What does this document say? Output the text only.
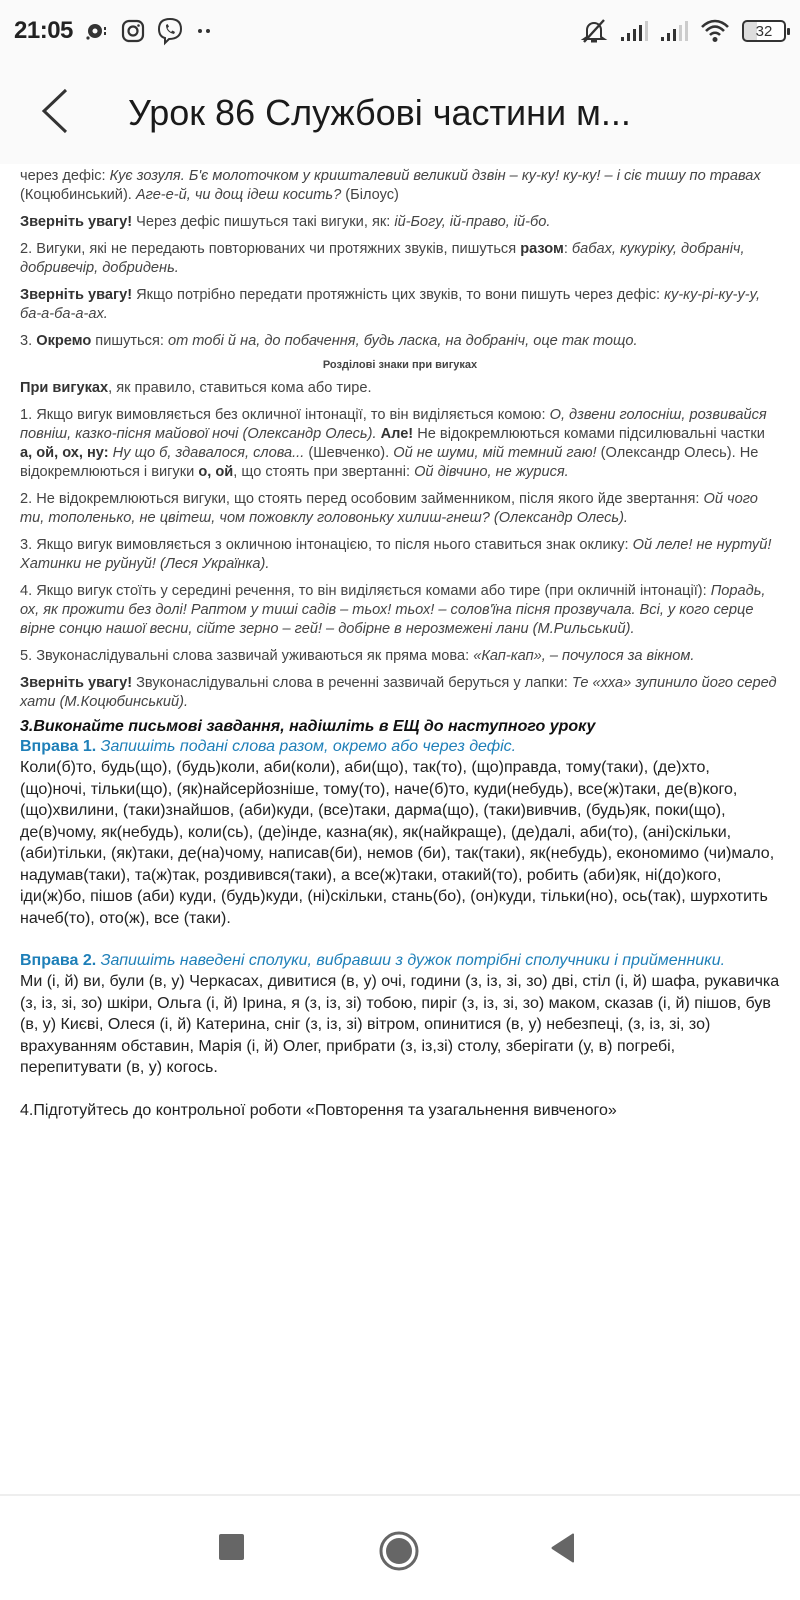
21:05	32
Урок 86 Службові частини м...

через дефіс: Кує зозуля. Б'є молоточком у кришталевий великий дзвін – ку-ку! ку-ку! – і сіє тишу по травах (Коцюбинський). Аге-е-й, чи дощ ідеш косить? (Білоус)

Зверніть увагу! Через дефіс пишуться такі вигуки, як: ій-Богу, ій-право, ій-бо.

2. Вигуки, які не передають повторюваних чи протяжних звуків, пишуться разом: бабах, кукуріку, добраніч, добривечір, добридень.

Зверніть увагу! Якщо потрібно передати протяжність цих звуків, то вони пишуть через дефіс: ку-ку-рі-ку-у-у, ба-а-ба-а-ах.

3. Окремо пишуться: от тобі й на, до побачення, будь ласка, на добраніч, оце так тощо.

Розділові знаки при вигуках

При вигуках, як правило, ставиться кома або тире.

1. Якщо вигук вимовляється без окличної інтонації, то він виділяється комою: О, дзвени голосніш, розвивайся повніш, казко-пісня майової ночі (Олександр Олесь). Але! Не відокремлюються комами підсилювальні частки а, ой, ох, ну: Ну що б, здавалося, слова... (Шевченко). Ой не шуми, мій темний гаю! (Олександр Олесь). Не відокремлюються і вигуки о, ой, що стоять при звертанні: Ой дівчино, не журися.

2. Не відокремлюються вигуки, що стоять перед особовим займенником, після якого йде звертання: Ой чого ти, тополенько, не цвітеш, чом пожовклу головоньку хилиш-гнеш? (Олександр Олесь).

3. Якщо вигук вимовляється з окличною інтонацією, то після нього ставиться знак оклику: Ой леле! не нуртуй! Хатинки не руйнуй! (Леся Українка).

4. Якщо вигук стоїть у середині речення, то він виділяється комами або тире (при окличній інтонації): Порадь, ох, як прожити без долі! Раптом у тиші садів – тьох! тьох! – солов'їна пісня прозвучала. Всі, у кого серце вірне сонцю нашої весни, сійте зерно – гей! – добірне в нерозмежені лани (М.Рильський).

5. Звуконаслідувальні слова зазвичай уживаються як пряма мова: «Кап-кап», – почулося за вікном.

Зверніть увагу! Звуконаслідувальні слова в реченні зазвичай беруться у лапки: Те «хха» зупинило його серед хати (М.Коцюбинський).

3.Виконайте письмові завдання, надішліть в ЕЩ до наступного уроку
Вправа 1. Запишіть подані слова разом, окремо або через дефіс.
Коли(б)то, будь(що), (будь)коли, аби(коли), аби(що), так(то), (що)правда, тому(таки), (де)хто, (що)ночі, тільки(що), (як)найсерйозніше, тому(то), наче(б)то, куди(небудь), все(ж)таки, де(в)кого, (що)хвилини, (таки)знайшов, (аби)куди, (все)таки, дарма(що), (таки)вивчив, (будь)як, поки(що), де(в)чому, як(небудь), коли(сь), (де)інде, казна(як), як(найкраще), (де)далі, аби(то), (ані)скільки, (аби)тільки, (як)таки, де(на)чому, написав(би), немов (би), так(таки), як(небудь), економимо (чи)мало, надумав(таки), та(ж)так, роздивився(таки), а все(ж)таки, отакий(то), робить (аби)як, ні(до)кого, іди(ж)бо, пішов (аби) куди, (будь)куди, (ні)скільки, стань(бо), (он)куди, тільки(но), ось(так), шурхотить начеб(то), ото(ж), все (таки).
Вправа 2. Запишіть наведені сполуки, вибравши з дужок потрібні сполучники і прийменники.
Ми (і, й) ви, були (в, у) Черкасах, дивитися (в, у) очі, години (з, із, зі, зо) дві, стіл (і, й) шафа, рукавичка (з, із, зі, зо) шкіри, Ольга (і, й) Ірина, я (з, із, зі) тобою, пиріг (з, із, зі, зо) маком, сказав (і, й) пішов, був (в, у) Києві, Олеся (і, й) Катерина, сніг (з, із, зі) вітром, опинитися (в, у) небезпеці, (з, із, зі, зо) врахуванням обставин, Марія (і, й) Олег, прибрати (з, із,зі) столу, зберігати (у, в) погребі, перепитувати (в, у) когось.
4.Підготуйтесь до контрольної роботи «Повторення та узагальнення вивченого»
